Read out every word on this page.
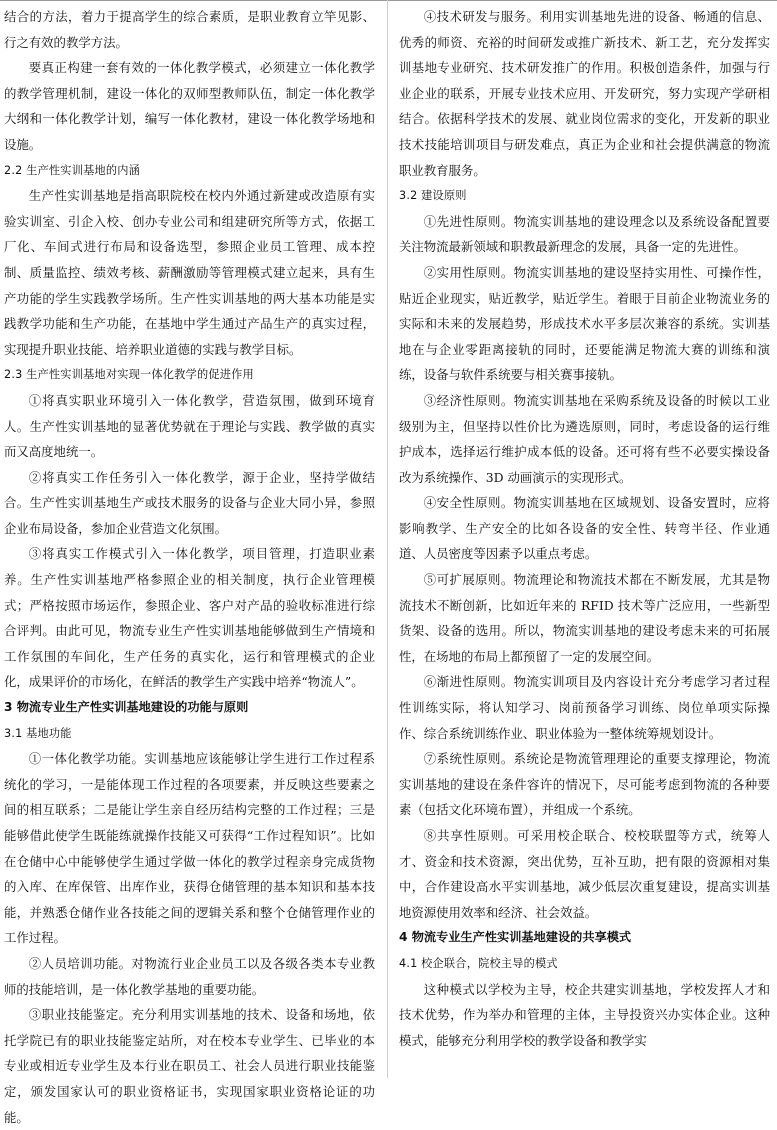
结合的方法，着力于提高学生的综合素质，是职业教育立竿见影、行之有效的教学方法。

要真正构建一套有效的一体化教学模式，必须建立一体化教学的教学管理机制，建设一体化的双师型教师队伍，制定一体化教学大纲和一体化教学计划，编写一体化教材，建设一体化教学场地和设施。

2.2 生产性实训基地的内涵

生产性实训基地是指高职院校在校内外通过新建或改造原有实验实训室、引企入校、创办专业公司和组建研究所等方式，依据工厂化、车间式进行布局和设备选型，参照企业员工管理、成本控制、质量监控、绩效考核、薪酬激励等管理模式建立起来，具有生产功能的学生实践教学场所。生产性实训基地的两大基本功能是实践教学功能和生产功能，在基地中学生通过产品生产的真实过程，实现提升职业技能、培养职业道德的实践与教学目标。

2.3 生产性实训基地对实现一体化教学的促进作用

①将真实职业环境引入一体化教学，营造氛围，做到环境育人。生产性实训基地的显著优势就在于理论与实践、教学做的真实而又高度地统一。

②将真实工作任务引入一体化教学，源于企业，坚持学做结合。生产性实训基地生产或技术服务的设备与企业大同小异，参照企业布局设备，参加企业营造文化氛围。

③将真实工作模式引入一体化教学，项目管理，打造职业素养。生产性实训基地严格参照企业的相关制度，执行企业管理模式；严格按照市场运作，参照企业、客户对产品的验收标准进行综合评判。由此可见，物流专业生产性实训基地能够做到生产情境和工作氛围的车间化，生产任务的真实化，运行和管理模式的企业化，成果评价的市场化，在鲜活的教学生产实践中培养“物流人”。

3 物流专业生产性实训基地建设的功能与原则
3.1 基地功能

①一体化教学功能。实训基地应该能够让学生进行工作过程系统化的学习，一是能体现工作过程的各项要素，并反映这些要素之间的相互联系；二是能让学生亲自经历结构完整的工作过程；三是能够借此使学生既能练就操作技能又可获得“工作过程知识”。比如在仓储中心中能够使学生通过学做一体化的教学过程亲身完成货物的入库、在库保管、出库作业，获得仓储管理的基本知识和基本技能，并熟悉仓储作业各技能之间的逻辑关系和整个仓储管理作业的工作过程。

②人员培训功能。对物流行业企业员工以及各级各类本专业教师的技能培训，是一体化教学基地的重要功能。

③职业技能鉴定。充分利用实训基地的技术、设备和场地，依托学院已有的职业技能鉴定站所，对在校本专业学生、已毕业的本专业或相近专业学生及本行业在职员工、社会人员进行职业技能鉴定，颁发国家认可的职业资格证书，实现国家职业资格论证的功能。

④技术研发与服务。利用实训基地先进的设备、畅通的信息、优秀的师资、充裕的时间研发或推广新技术、新工艺，充分发挥实训基地专业研究、技术研发推广的作用。积极创造条件，加强与行业企业的联系，开展专业技术应用、开发研究，努力实现产学研相结合。依据科学技术的发展、就业岗位需求的变化，开发新的职业技术技能培训项目与研发难点，真正为企业和社会提供满意的物流职业教育服务。

3.2 建设原则

①先进性原则。物流实训基地的建设理念以及系统设备配置要关注物流最新领域和职教最新理念的发展，具备一定的先进性。

②实用性原则。物流实训基地的建设坚持实用性、可操作性，贴近企业现实，贴近教学，贴近学生。着眼于目前企业物流业务的实际和未来的发展趋势，形成技术水平多层次兼容的系统。实训基地在与企业零距离接轨的同时，还要能满足物流大赛的训练和演练，设备与软件系统要与相关赛事接轨。

③经济性原则。物流实训基地在采购系统及设备的时候以工业级别为主，但坚持以性价比为遴选原则，同时，考虑设备的运行维护成本，选择运行维护成本低的设备。还可将有些不必要实操设备改为系统操作、3D 动画演示的实现形式。

④安全性原则。物流实训基地在区域规划、设备安置时，应将影响教学、生产安全的比如各设备的安全性、转弯半径、作业通道、人员密度等因素予以重点考虑。

⑤可扩展原则。物流理论和物流技术都在不断发展，尤其是物流技术不断创新，比如近年来的 RFID 技术等广泛应用，一些新型货架、设备的选用。所以，物流实训基地的建设考虑未来的可拓展性，在场地的布局上都预留了一定的发展空间。

⑥渐进性原则。物流实训项目及内容设计充分考虑学习者过程性训练实际，将认知学习、岗前预备学习训练、岗位单项实际操作、综合系统训练作业、职业体验为一整体统筹规划设计。

⑦系统性原则。系统论是物流管理理论的重要支撑理论，物流实训基地的建设在条件容许的情况下，尽可能考虑到物流的各种要素（包括文化环境布置），并组成一个系统。

⑧共享性原则。可采用校企联合、校校联盟等方式，统筹人才、资金和技术资源，突出优势，互补互助，把有限的资源相对集中，合作建设高水平实训基地，减少低层次重复建设，提高实训基地资源使用效率和经济、社会效益。

4 物流专业生产性实训基地建设的共享模式
4.1 校企联合，院校主导的模式

这种模式以学校为主导，校企共建实训基地，学校发挥人才和技术优势，作为举办和管理的主体，主导投资兴办实体企业。这种模式，能够充分利用学校的教学设备和教学实
